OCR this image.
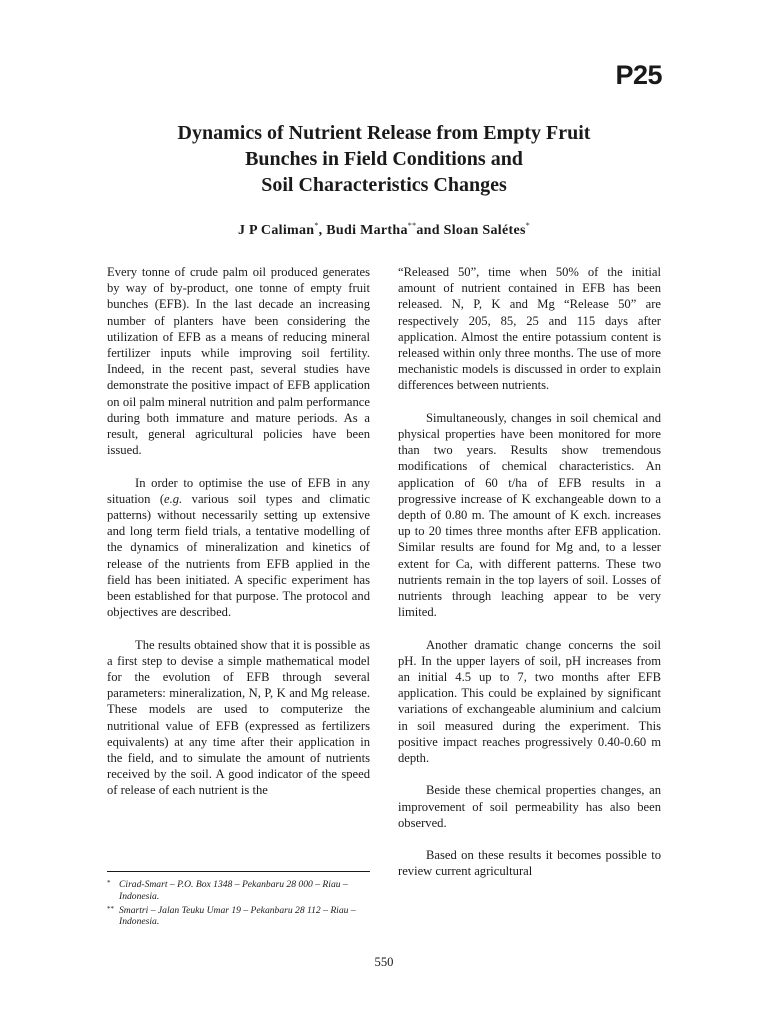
P25
Dynamics of Nutrient Release from Empty Fruit
Bunches in Field Conditions and
Soil Characteristics Changes
J P Caliman*, Budi Martha**and Sloan Salétes*

Every tonne of crude palm oil produced generates by way of by-product, one tonne of empty fruit bunches (EFB). In the last decade an increasing number of planters have been considering the utilization of EFB as a means of reducing mineral fertilizer inputs while improving soil fertility. Indeed, in the recent past, several studies have demonstrate the positive impact of EFB application on oil palm mineral nutrition and palm performance during both immature and mature periods. As a result, general agricultural policies have been issued.

In order to optimise the use of EFB in any situation (e.g. various soil types and climatic patterns) without necessarily setting up extensive and long term field trials, a tentative modelling of the dynamics of mineralization and kinetics of release of the nutrients from EFB applied in the field has been initiated. A specific experiment has been established for that purpose. The protocol and objectives are described.

The results obtained show that it is possible as a first step to devise a simple mathematical model for the evolution of EFB through several parameters: mineralization, N, P, K and Mg release. These models are used to computerize the nutritional value of EFB (expressed as fertilizers equivalents) at any time after their application in the field, and to simulate the amount of nutrients received by the soil. A good indicator of the speed of release of each nutrient is the

“Released 50”, time when 50% of the initial amount of nutrient contained in EFB has been released. N, P, K and Mg “Release 50” are respectively 205, 85, 25 and 115 days after application. Almost the entire potassium content is released within only three months. The use of more mechanistic models is discussed in order to explain differences between nutrients.

Simultaneously, changes in soil chemical and physical properties have been monitored for more than two years. Results show tremendous modifications of chemical characteristics. An application of 60 t/ha of EFB results in a progressive increase of K exchangeable down to a depth of 0.80 m. The amount of K exch. increases up to 20 times three months after EFB application. Similar results are found for Mg and, to a lesser extent for Ca, with different patterns. These two nutrients remain in the top layers of soil. Losses of nutrients through leaching appear to be very limited.

Another dramatic change concerns the soil pH. In the upper layers of soil, pH increases from an initial 4.5 up to 7, two months after EFB application. This could be explained by significant variations of exchangeable aluminium and calcium in soil measured during the experiment. This positive impact reaches progressively 0.40-0.60 m depth.

Beside these chemical properties changes, an improvement of soil permeability has also been observed.

Based on these results it becomes possible to review current agricultural

* Cirad-Smart – P.O. Box 1348 – Pekanbaru 28 000 – Riau – Indonesia.
** Smartri – Jalan Teuku Umar 19 – Pekanbaru 28 112 – Riau – Indonesia.
550
